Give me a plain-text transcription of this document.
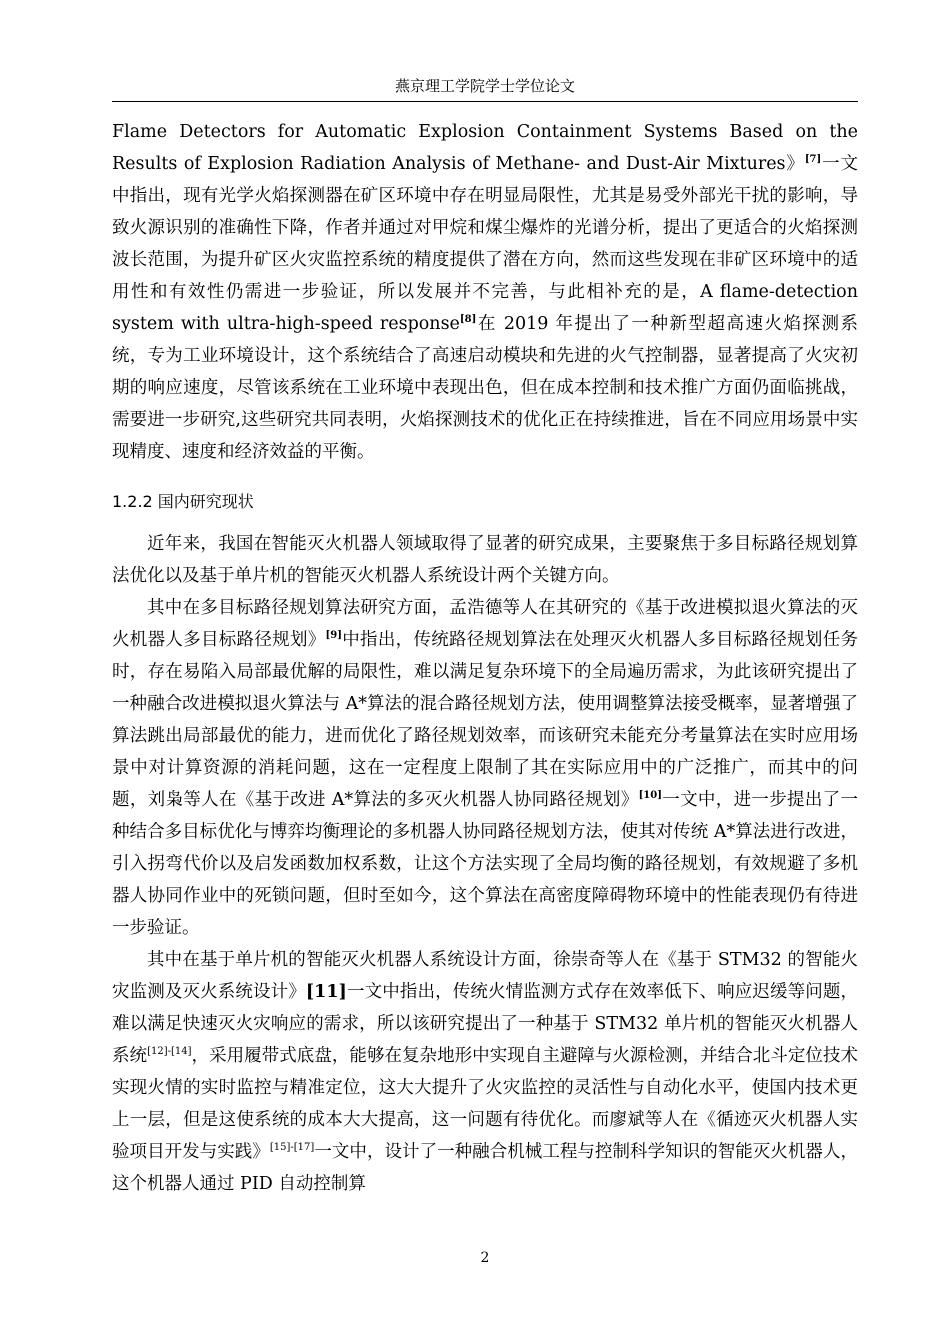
燕京理工学院学士学位论文

Flame Detectors for Automatic Explosion Containment Systems Based on the Results of Explosion Radiation Analysis of Methane- and Dust-Air Mixtures》[7]一文中指出，现有光学火焰探测器在矿区环境中存在明显局限性，尤其是易受外部光干扰的影响，导致火源识别的准确性下降，作者并通过对甲烷和煤尘爆炸的光谱分析，提出了更适合的火焰探测波长范围，为提升矿区火灾监控系统的精度提供了潜在方向，然而这些发现在非矿区环境中的适用性和有效性仍需进一步验证，所以发展并不完善，与此相补充的是，A flame-detection system with ultra-high-speed response[8]在 2019 年提出了一种新型超高速火焰探测系统，专为工业环境设计，这个系统结合了高速启动模块和先进的火气控制器，显著提高了火灾初期的响应速度，尽管该系统在工业环境中表现出色，但在成本控制和技术推广方面仍面临挑战，需要进一步研究,这些研究共同表明，火焰探测技术的优化正在持续推进，旨在不同应用场景中实现精度、速度和经济效益的平衡。

1.2.2 国内研究现状

近年来，我国在智能灭火机器人领域取得了显著的研究成果，主要聚焦于多目标路径规划算法优化以及基于单片机的智能灭火机器人系统设计两个关键方向。

其中在多目标路径规划算法研究方面，孟浩德等人在其研究的《基于改进模拟退火算法的灭火机器人多目标路径规划》[9]中指出，传统路径规划算法在处理灭火机器人多目标路径规划任务时，存在易陷入局部最优解的局限性，难以满足复杂环境下的全局遍历需求，为此该研究提出了一种融合改进模拟退火算法与 A*算法的混合路径规划方法，使用调整算法接受概率，显著增强了算法跳出局部最优的能力，进而优化了路径规划效率，而该研究未能充分考量算法在实时应用场景中对计算资源的消耗问题，这在一定程度上限制了其在实际应用中的广泛推广，而其中的问题，刘枭等人在《基于改进 A*算法的多灭火机器人协同路径规划》[10]一文中，进一步提出了一种结合多目标优化与博弈均衡理论的多机器人协同路径规划方法，使其对传统 A*算法进行改进，引入拐弯代价以及启发函数加权系数，让这个方法实现了全局均衡的路径规划，有效规避了多机器人协同作业中的死锁问题，但时至如今，这个算法在高密度障碍物环境中的性能表现仍有待进一步验证。

其中在基于单片机的智能灭火机器人系统设计方面，徐崇奇等人在《基于 STM32 的智能火灾监测及灭火系统设计》[11]一文中指出，传统火情监测方式存在效率低下、响应迟缓等问题，难以满足快速灭火灾响应的需求，所以该研究提出了一种基于 STM32 单片机的智能灭火机器人系统[12]-[14]，采用履带式底盘，能够在复杂地形中实现自主避障与火源检测，并结合北斗定位技术实现火情的实时监控与精准定位，这大大提升了火灾监控的灵活性与自动化水平，使国内技术更上一层，但是这使系统的成本大大提高，这一问题有待优化。而廖斌等人在《循迹灭火机器人实验项目开发与实践》[15]-[17]一文中，设计了一种融合机械工程与控制科学知识的智能灭火机器人，这个机器人通过 PID 自动控制算

2
